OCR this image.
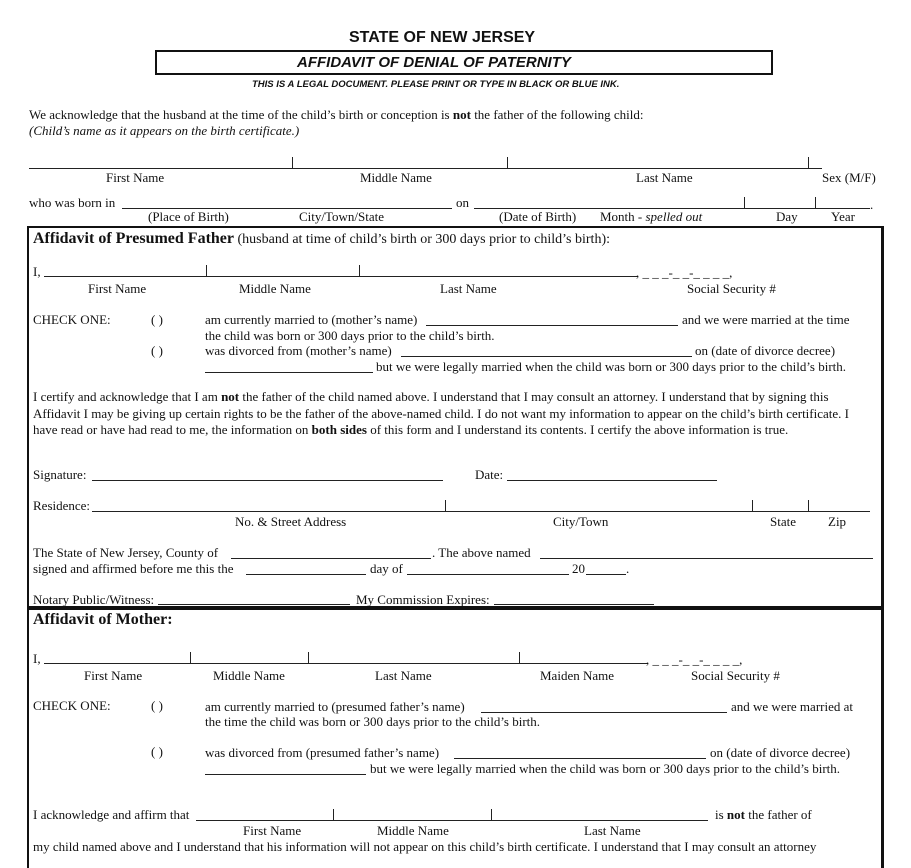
STATE OF NEW JERSEY
AFFIDAVIT OF DENIAL OF PATERNITY
THIS IS A LEGAL DOCUMENT. PLEASE PRINT OR TYPE IN BLACK OR BLUE INK.
We acknowledge that the husband at the time of the child’s birth or conception is not the father of the following child:
(Child’s name as it appears on the birth certificate.)
First Name	Middle Name	Last Name	Sex (M/F)
who was born in	on	.
(Place of Birth)	City/Town/State	(Date of Birth) Month - spelled out	Day	Year
Affidavit of Presumed Father (husband at time of child’s birth or 300 days prior to child’s birth):
I,	, _ _ _-_ _-_ _ _ _,
First Name	Middle Name	Last Name	Social Security #
CHECK ONE:	( )	am currently married to (mother’s name)	and we were married at the time
the child was born or 300 days prior to the child’s birth.
( )	was divorced from (mother’s name)	on (date of divorce decree)
but we were legally married when the child was born or 300 days prior to the child’s birth.
I certify and acknowledge that I am not the father of the child named above. I understand that I may consult an attorney. I understand that by signing this Affidavit I may be giving up certain rights to be the father of the above-named child. I do not want my information to appear on the child’s birth certificate. I have read or have had read to me, the information on both sides of this form and I understand its contents. I certify the above information is true.
Signature:	Date:
Residence:
No. & Street Address	City/Town	State Zip
The State of New Jersey, County of	. The above named
signed and affirmed before me this the	day of	20	.
Notary Public/Witness:	My Commission Expires:
Affidavit of Mother:
I,	, _ _ _-_ _-_ _ _ _,
First Name	Middle Name	Last Name	Maiden Name	Social Security #
CHECK ONE:	( )	am currently married to (presumed father’s name)	and we were married at
the time the child was born or 300 days prior to the child’s birth.
( )	was divorced from (presumed father’s name)	on (date of divorce decree)
but we were legally married when the child was born or 300 days prior to the child’s birth.
I acknowledge and affirm that	is not the father of
First Name	Middle Name	Last Name
my child named above and I understand that his information will not appear on this child’s birth certificate. I understand that I may consult an attorney
